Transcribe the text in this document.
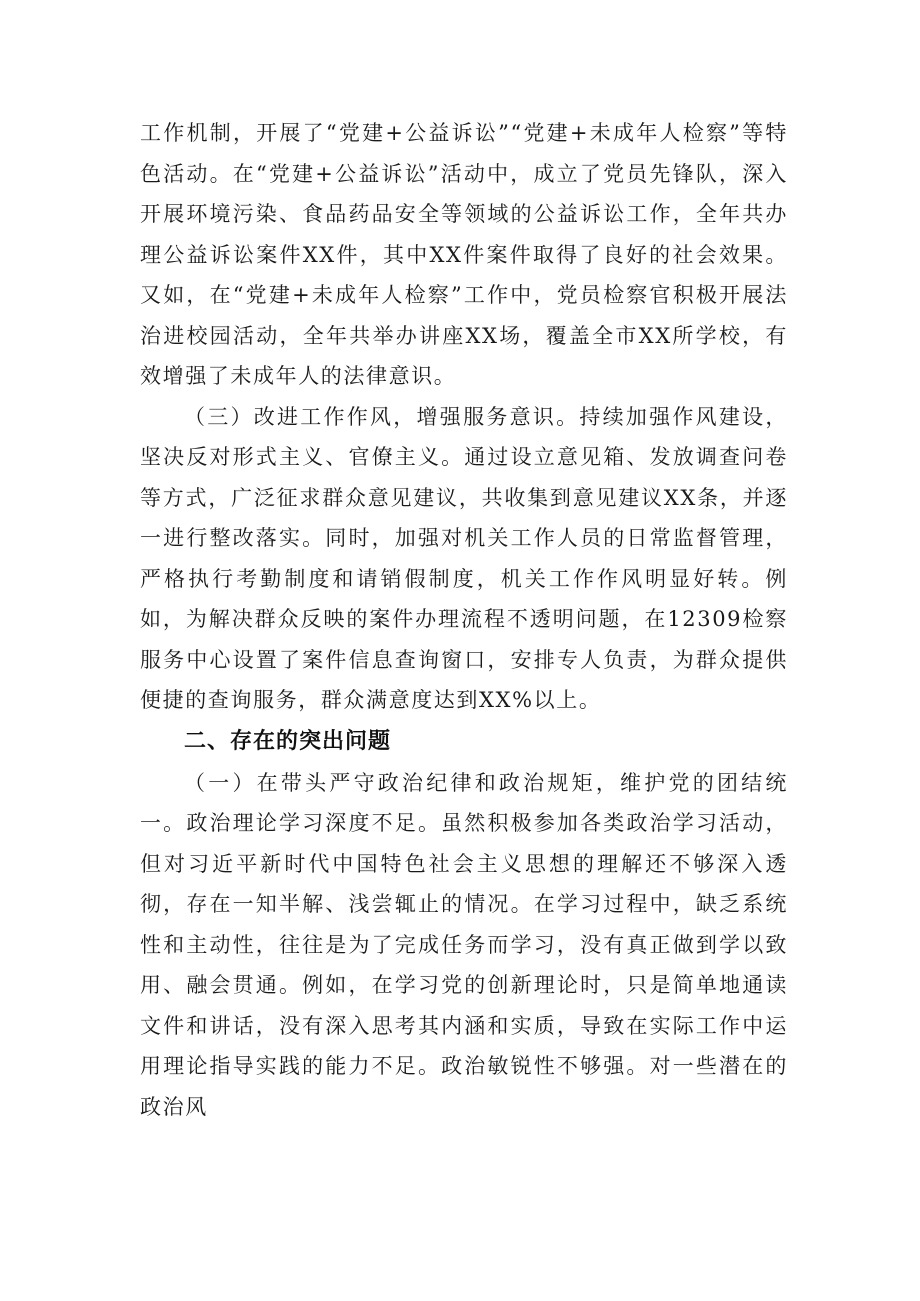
工作机制，开展了“党建+公益诉讼”“党建+未成年人检察”等特色活动。在“党建+公益诉讼”活动中，成立了党员先锋队，深入开展环境污染、食品药品安全等领域的公益诉讼工作，全年共办理公益诉讼案件XX件，其中XX件案件取得了良好的社会效果。又如，在“党建+未成年人检察”工作中，党员检察官积极开展法治进校园活动，全年共举办讲座XX场，覆盖全市XX所学校，有效增强了未成年人的法律意识。

（三）改进工作作风，增强服务意识。持续加强作风建设，坚决反对形式主义、官僚主义。通过设立意见箱、发放调查问卷等方式，广泛征求群众意见建议，共收集到意见建议XX条，并逐一进行整改落实。同时，加强对机关工作人员的日常监督管理，严格执行考勤制度和请销假制度，机关工作作风明显好转。例如，为解决群众反映的案件办理流程不透明问题，在12309检察服务中心设置了案件信息查询窗口，安排专人负责，为群众提供便捷的查询服务，群众满意度达到XX%以上。

二、存在的突出问题

（一）在带头严守政治纪律和政治规矩，维护党的团结统一。政治理论学习深度不足。虽然积极参加各类政治学习活动，但对习近平新时代中国特色社会主义思想的理解还不够深入透彻，存在一知半解、浅尝辄止的情况。在学习过程中，缺乏系统性和主动性，往往是为了完成任务而学习，没有真正做到学以致用、融会贯通。例如，在学习党的创新理论时，只是简单地通读文件和讲话，没有深入思考其内涵和实质，导致在实际工作中运用理论指导实践的能力不足。政治敏锐性不够强。对一些潜在的政治风
